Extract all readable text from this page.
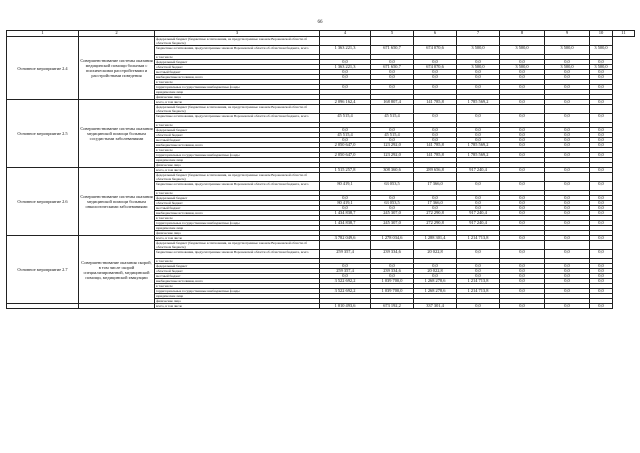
66
1	2	3	4	5	6	7	8	9	10	11
Основное мероприятие 2.4	Совершенствование системы оказания медицинской помощи больным с психическими расстройствами и расстройствами поведения	федеральный бюджет (бюджетные ассигнования, не предусмотренные законом Воронежской области об областном бюджете)								
		бюджетные ассигнования, предусмотренные законом Воронежской области об областном бюджете, всего	1 363 221,3	671 650,7	674 070,6	3 500,0	3 500,0	3 500,0	3 500,0	
		в том числе								
		федеральный бюджет	0,0	0,0	0,0	0,0	0,0	0,0	0,0	
		областной бюджет	1 363 221,3	671 650,7	674 070,6	3 500,0	3 500,0	3 500,0	3 500,0	
		местный бюджет	0,0	0,0	0,0	0,0	0,0	0,0	0,0	
		внебюджетные источники, всего	0,0	0,0	0,0	0,0	0,0	0,0	0,0	
		в том числе								
		территориальные государственные внебюджетные фонды	0,0	0,0	0,0	0,0	0,0	0,0	0,0	
		юридические лица								
		физические лица								
Основное мероприятие 2.5	Совершенствование системы оказания медицинской помощи больным сосудистыми заболеваниями	всего, в том числе	2 096 162,4	168 807,4	141 785,8	1 785 569,2	0,0	0,0	0,0	
		федеральный бюджет (бюджетные ассигнования, не предусмотренные законом Воронежской области об областном бюджете)								
		бюджетные ассигнования, предусмотренные законом Воронежской области об областном бюджете, всего	45 515,4	45 515,4	0,0	0,0	0,0	0,0	0,0	
		в том числе								
		федеральный бюджет	0,0	0,0	0,0	0,0	0,0	0,0	0,0	
		областной бюджет	45 515,4	45 515,4	0,0	0,0	0,0	0,0	0,0	
		местный бюджет	0,0	0,0	0,0	0,0	0,0	0,0	0,0	
		внебюджетные источники, всего	2 050 647,0	123 292,0	141 785,8	1 785 569,2	0,0	0,0	0,0	
		в том числе								
		территориальные государственные внебюджетные фонды	2 050 647,0	123 292,0	141 785,8	1 785 569,2	0,0	0,0	0,0	
		юридические лица								
		физические лица								
Основное мероприятие 2.6	Совершенствование системы оказания медицинской помощи больным онкологическими заболеваниями	всего, в том числе	1 515 257,8	308 360,6	289 656,8	917 240,4	0,0	0,0	0,0	
		федеральный бюджет (бюджетные ассигнования, не предусмотренные законом Воронежской области об областном бюджете)								
		бюджетные ассигнования, предусмотренные законом Воронежской области об областном бюджете, всего	80 419,1	63 053,5	17 366,0	0,0	0,0	0,0	0,0	
		в том числе								
		федеральный бюджет	0,0	0,0	0,0	0,0	0,0	0,0	0,0	
		областной бюджет	80 419,1	63 053,5	17 366,0	0,0	0,0	0,0	0,0	
		местный бюджет	0,0	0,0	0,0	0,0	0,0	0,0	0,0	
		внебюджетные источники, всего	1 434 838,7	245 307,0	272 290,8	917 240,4	0,0	0,0	0,0	
		в том числе								
		территориальные государственные внебюджетные фонды	1 434 838,7	245 307,0	272 290,8	917 240,4	0,0	0,0	0,0	
		юридические лица								
		физические лица								
Основное мероприятие 2.7	Совершенствование оказания скорой, в том числе скорой специализированной, медицинской помощи, медицинской эвакуации	всего, в том числе	3 782 049,6	1 278 034,6	1 288 301,4	1 214 713,8	0,0	0,0	0,0	
		федеральный бюджет (бюджетные ассигнования, не предусмотренные законом Воронежской области об областном бюджете)								
		бюджетные ассигнования, предусмотренные законом Воронежской области об областном бюджете, всего	259 357,4	239 334,6	20 022,8	0,0	0,0	0,0	0,0	
		в том числе								
		федеральный бюджет	0,0	0,0	0,0	0,0	0,0	0,0	0,0	
		областной бюджет	259 357,4	239 334,6	20 022,8	0,0	0,0	0,0	0,0	
		местный бюджет	0,0	0,0	0,0	0,0	0,0	0,0	0,0	
		внебюджетные источники, всего	3 522 692,2	1 039 700,0	1 268 278,6	1 214 713,8	0,0	0,0	0,0	
		в том числе								
		территориальные государственные внебюджетные фонды	3 522 692,2	1 039 700,0	1 268 278,6	1 214 713,8	0,0	0,0	0,0	
		юридические лица								
		физические лица								
		всего, в том числе	1 010 493,6	673 192,2	337 301,4	0,0	0,0	0,0	0,0	
